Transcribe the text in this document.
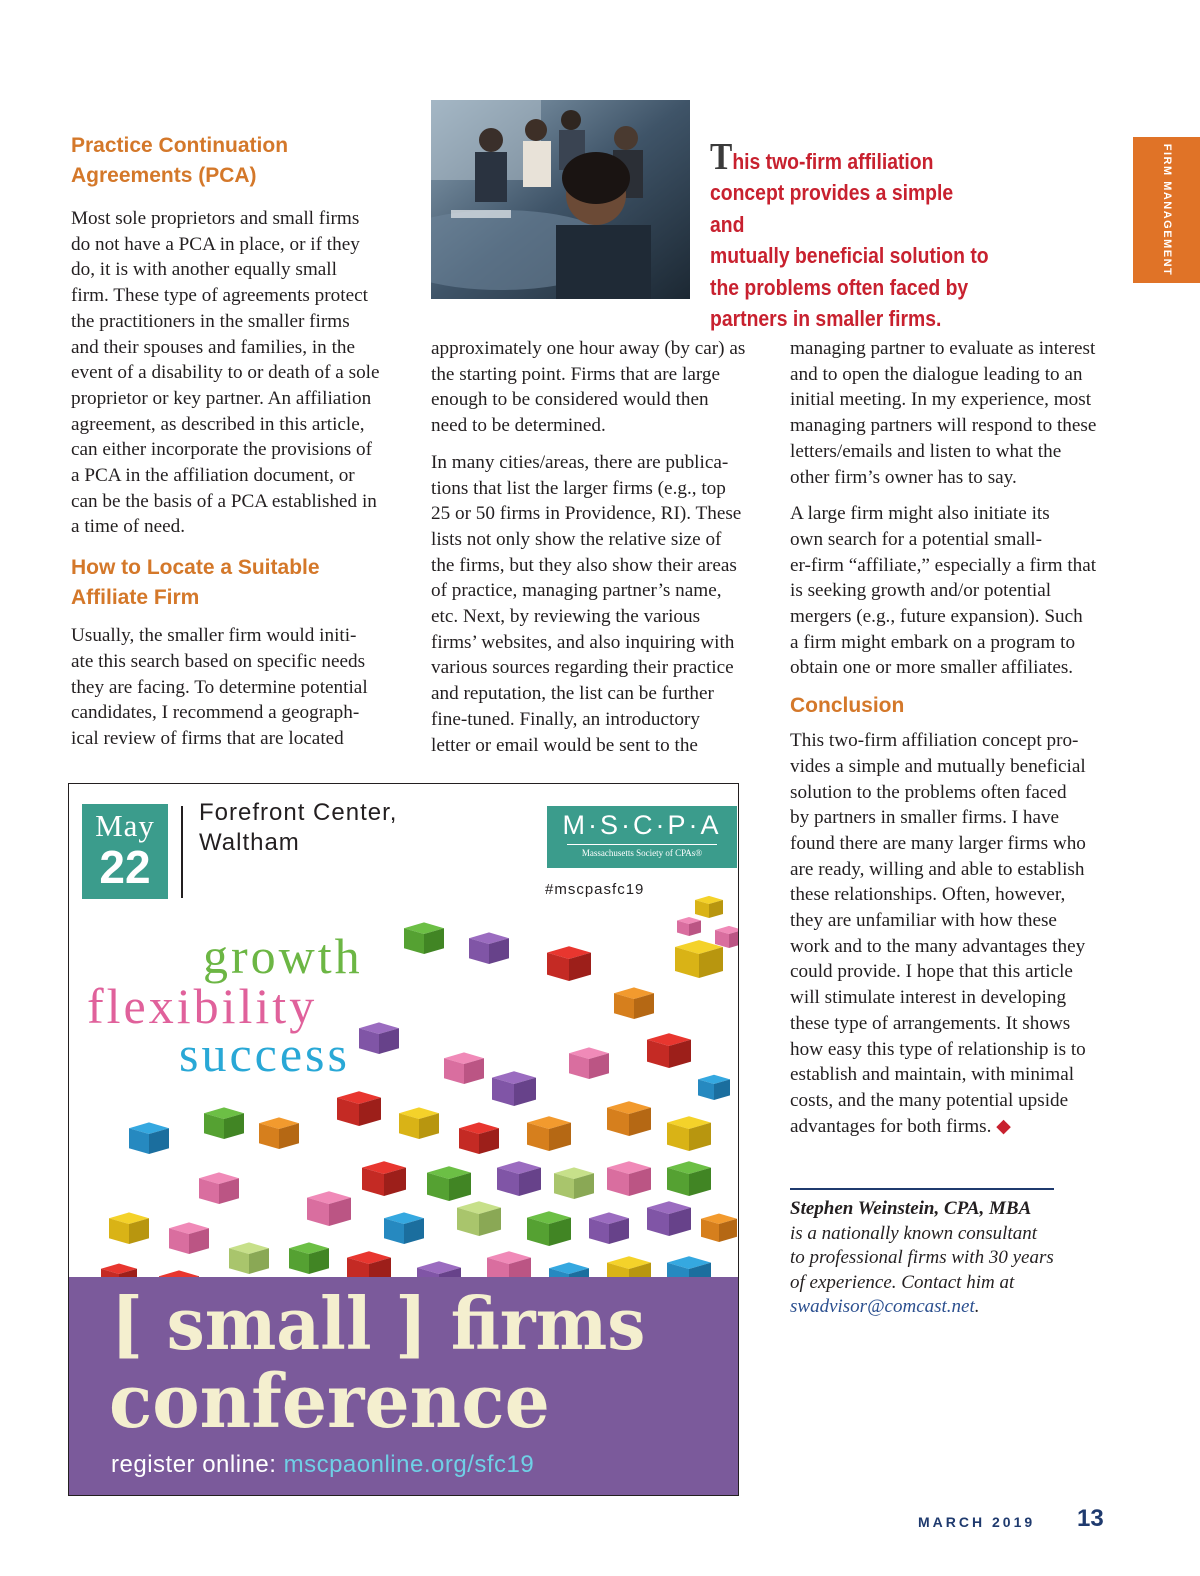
FIRM MANAGEMENT
Practice Continuation
Agreements (PCA)

Most sole proprietors and small firms
do not have a PCA in place, or if they
do, it is with another equally small
firm. These type of agreements protect
the practitioners in the smaller firms
and their spouses and families, in the
event of a disability to or death of a sole
proprietor or key partner. An affiliation
agreement, as described in this article,
can either incorporate the provisions of
a PCA in the affiliation document, or
can be the basis of a PCA established in
a time of need.

How to Locate a Suitable
Affiliate Firm

Usually, the smaller firm would initi-
ate this search based on specific needs
they are facing. To determine potential
candidates, I recommend a geograph-
ical review of firms that are located

This two-firm affiliation
concept provides a simple and
mutually beneficial solution to
the problems often faced by
partners in smaller firms.

approximately one hour away (by car) as
the starting point. Firms that are large
enough to be considered would then
need to be determined.

In many cities/areas, there are publica-
tions that list the larger firms (e.g., top
25 or 50 firms in Providence, RI). These
lists not only show the relative size of
the firms, but they also show their areas
of practice, managing partner’s name,
etc. Next, by reviewing the various
firms’ websites, and also inquiring with
various sources regarding their practice
and reputation, the list can be further
fine-tuned. Finally, an introductory
letter or email would be sent to the

managing partner to evaluate as interest
and to open the dialogue leading to an
initial meeting. In my experience, most
managing partners will respond to these
letters/emails and listen to what the
other firm’s owner has to say.

A large firm might also initiate its
own search for a potential small-
er-firm “affiliate,” especially a firm that
is seeking growth and/or potential
mergers (e.g., future expansion). Such
a firm might embark on a program to
obtain one or more smaller affiliates.

Conclusion

This two-firm affiliation concept pro-
vides a simple and mutually beneficial
solution to the problems often faced
by partners in smaller firms. I have
found there are many larger firms who
are ready, willing and able to establish
these relationships. Often, however,
they are unfamiliar with how these
work and to the many advantages they
could provide. I hope that this article
will stimulate interest in developing
these type of arrangements. It shows
how easy this type of relationship is to
establish and maintain, with minimal
costs, and the many potential upside
advantages for both firms. ◆

Stephen Weinstein, CPA, MBA
is a nationally known consultant
to professional firms with 30 years
of experience. Contact him at
swadvisor@comcast.net.

May
22
Forefront Center,
Waltham
M·S·C·P·A
Massachusetts Society of CPAs®
#mscpasfc19
growth
flexibility
success
[ small ] firms
conference
register online: mscpaonline.org/sfc19
MARCH 2019 13
